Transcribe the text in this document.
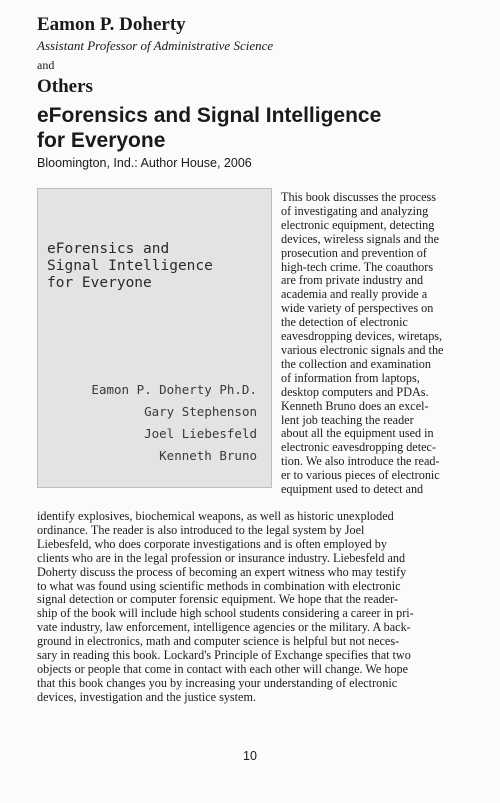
Eamon P. Doherty
Assistant Professor of Administrative Science
and
Others
eForensics and Signal Intelligence
for Everyone
Bloomington, Ind.: Author House, 2006
eForensics and
Signal Intelligence
for Everyone
Eamon P. Doherty Ph.D.
Gary Stephenson
Joel Liebesfeld
Kenneth Bruno
This book discusses the process
of investigating and analyzing
electronic equipment, detecting
devices, wireless signals and the
prosecution and prevention of
high-tech crime. The coauthors
are from private industry and
academia and really provide a
wide variety of perspectives on
the detection of electronic
eavesdropping devices, wiretaps,
various electronic signals and the
the collection and examination
of information from laptops,
desktop computers and PDAs.
Kenneth Bruno does an excel-
lent job teaching the reader
about all the equipment used in
electronic eavesdropping detec-
tion. We also introduce the read-
er to various pieces of electronic
equipment used to detect and
identify explosives, biochemical weapons, as well as historic unexploded
ordinance. The reader is also introduced to the legal system by Joel
Liebesfeld, who does corporate investigations and is often employed by
clients who are in the legal profession or insurance industry. Liebesfeld and
Doherty discuss the process of becoming an expert witness who may testify
to what was found using scientific methods in combination with electronic
signal detection or computer forensic equipment. We hope that the reader-
ship of the book will include high school students considering a career in pri-
vate industry, law enforcement, intelligence agencies or the military. A back-
ground in electronics, math and computer science is helpful but not neces-
sary in reading this book. Lockard's Principle of Exchange specifies that two
objects or people that come in contact with each other will change. We hope
that this book changes you by increasing your understanding of electronic
devices, investigation and the justice system.
10
